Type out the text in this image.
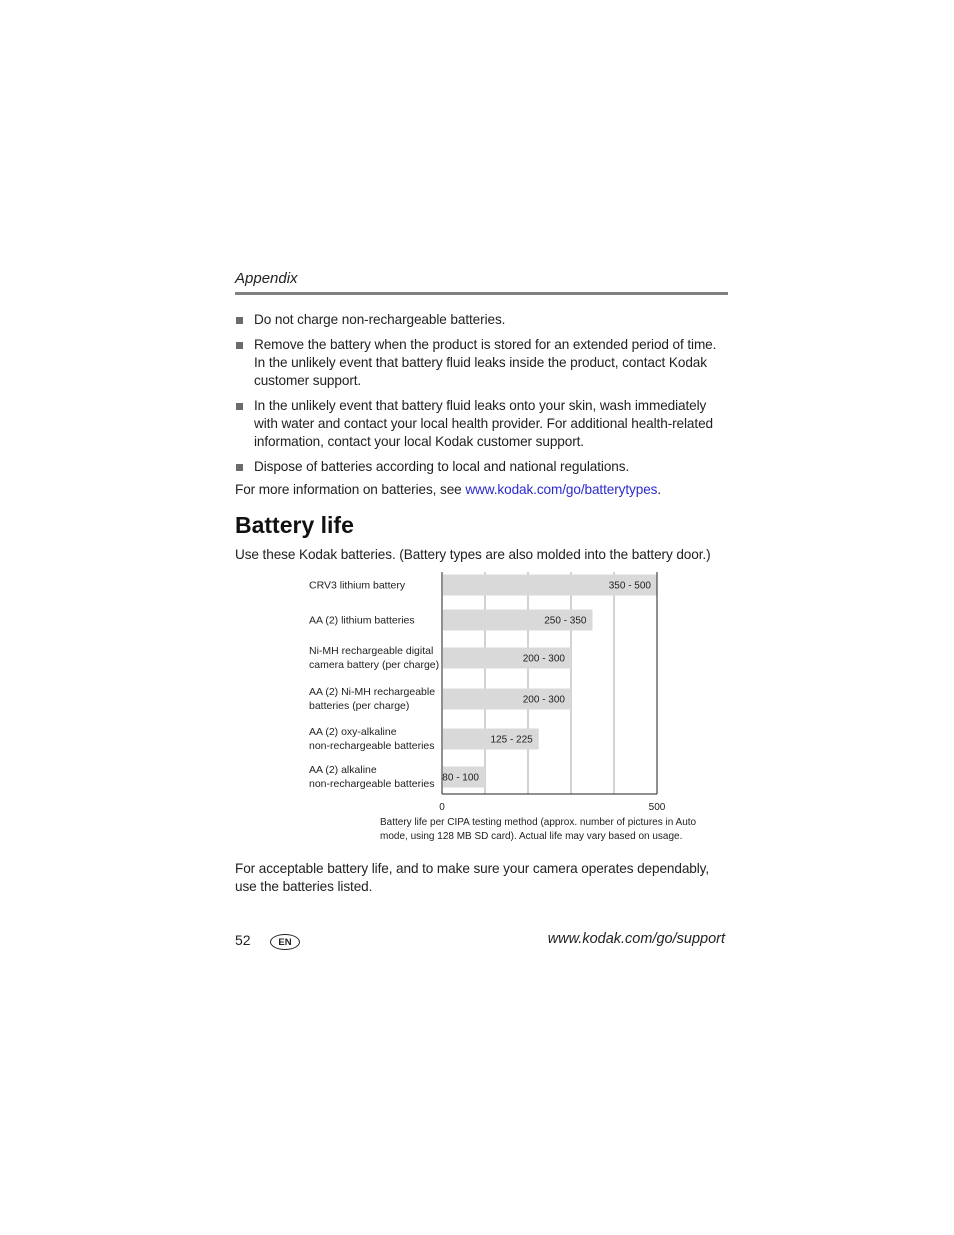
Appendix
Do not charge non-rechargeable batteries.
Remove the battery when the product is stored for an extended period of time. In the unlikely event that battery fluid leaks inside the product, contact Kodak customer support.
In the unlikely event that battery fluid leaks onto your skin, wash immediately with water and contact your local health provider. For additional health-related information, contact your local Kodak customer support.
Dispose of batteries according to local and national regulations.
For more information on batteries, see www.kodak.com/go/batterytypes.
Battery life
Use these Kodak batteries. (Battery types are also molded into the battery door.)
350 - 500
CRV3 lithium battery
250 - 350
AA (2) lithium batteries
200 - 300
Ni-MH rechargeable digital
camera battery (per charge)
200 - 300
AA (2) Ni-MH rechargeable
batteries (per charge)
125 - 225
AA (2) oxy-alkaline
non-rechargeable batteries
80 - 100
AA (2) alkaline
non-rechargeable batteries
0	500
Battery life per CIPA testing method (approx. number of pictures in Auto mode, using 128 MB SD card). Actual life may vary based on usage.
For acceptable battery life, and to make sure your camera operates dependably, use the batteries listed.
52	EN	www.kodak.com/go/support
